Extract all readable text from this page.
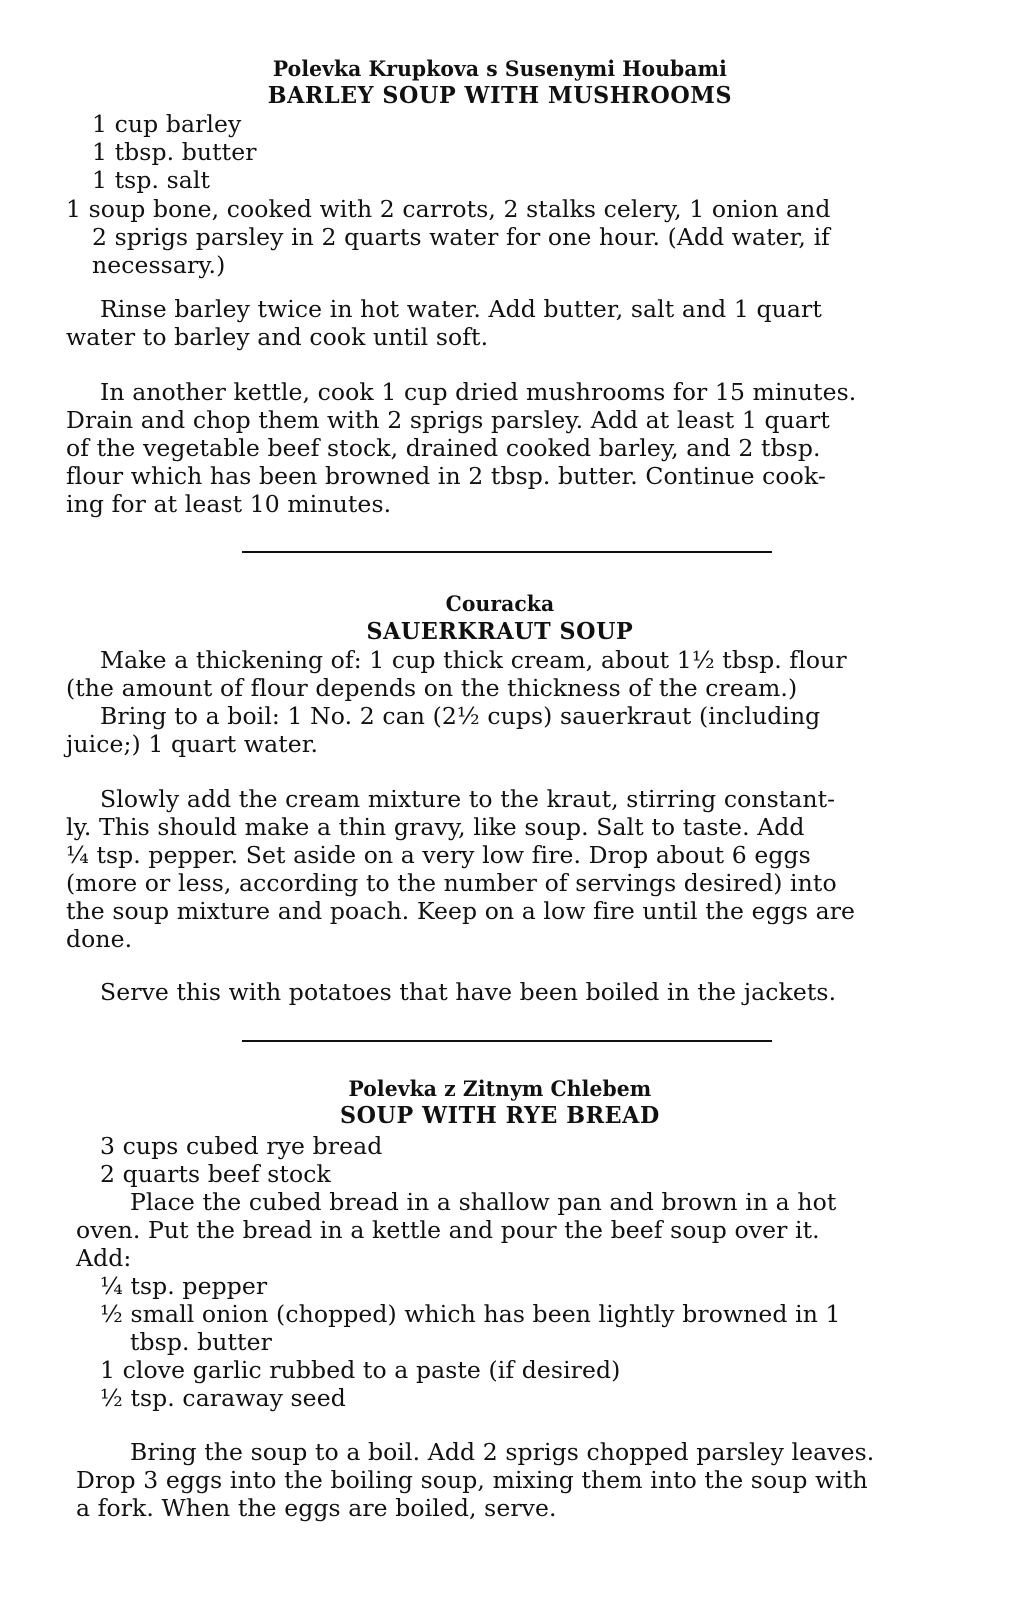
Polevka Krupkova s Susenymi Houbami
BARLEY SOUP WITH MUSHROOMS
1 cup barley
1 tbsp. butter
1 tsp. salt
1 soup bone, cooked with 2 carrots, 2 stalks celery, 1 onion and
2 sprigs parsley in 2 quarts water for one hour. (Add water, if
necessary.)
Rinse barley twice in hot water. Add butter, salt and 1 quart
water to barley and cook until soft.
In another kettle, cook 1 cup dried mushrooms for 15 minutes.
Drain and chop them with 2 sprigs parsley. Add at least 1 quart
of the vegetable beef stock, drained cooked barley, and 2 tbsp.
flour which has been browned in 2 tbsp. butter. Continue cook-
ing for at least 10 minutes.
Couracka
SAUERKRAUT SOUP
Make a thickening of: 1 cup thick cream, about 1½ tbsp. flour
(the amount of flour depends on the thickness of the cream.)
Bring to a boil: 1 No. 2 can (2½ cups) sauerkraut (including
juice;) 1 quart water.
Slowly add the cream mixture to the kraut, stirring constant-
ly. This should make a thin gravy, like soup. Salt to taste. Add
¼ tsp. pepper. Set aside on a very low fire. Drop about 6 eggs
(more or less, according to the number of servings desired) into
the soup mixture and poach. Keep on a low fire until the eggs are
done.
Serve this with potatoes that have been boiled in the jackets.
Polevka z Zitnym Chlebem
SOUP WITH RYE BREAD
3 cups cubed rye bread
2 quarts beef stock
Place the cubed bread in a shallow pan and brown in a hot
oven. Put the bread in a kettle and pour the beef soup over it.
Add:
¼ tsp. pepper
½ small onion (chopped) which has been lightly browned in 1
tbsp. butter
1 clove garlic rubbed to a paste (if desired)
½ tsp. caraway seed
Bring the soup to a boil. Add 2 sprigs chopped parsley leaves.
Drop 3 eggs into the boiling soup, mixing them into the soup with
a fork. When the eggs are boiled, serve.
